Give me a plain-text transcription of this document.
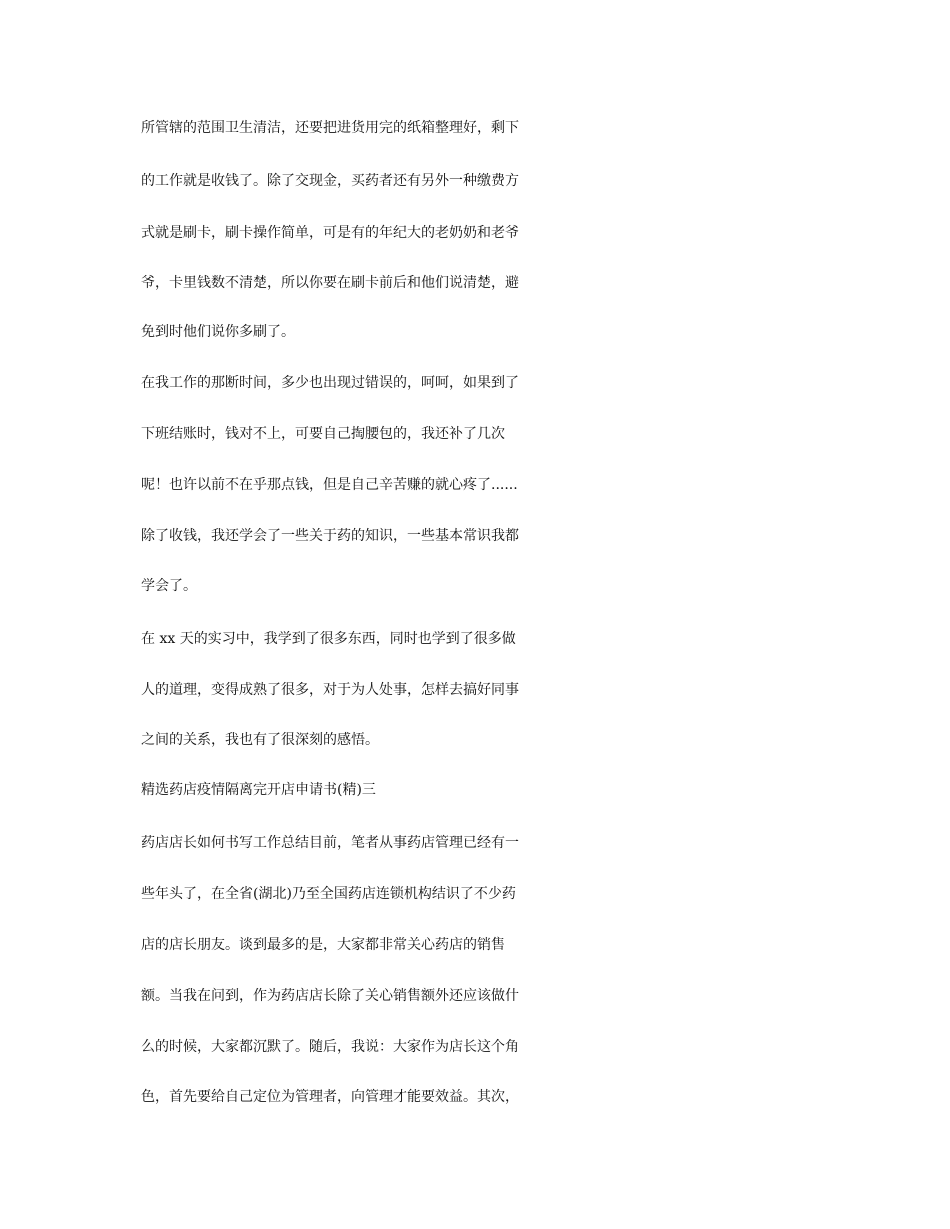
所管辖的范围卫生清洁，还要把进货用完的纸箱整理好，剩下
的工作就是收钱了。除了交现金，买药者还有另外一种缴费方
式就是刷卡，刷卡操作简单，可是有的年纪大的老奶奶和老爷
爷，卡里钱数不清楚，所以你要在刷卡前后和他们说清楚，避
免到时他们说你多刷了。
在我工作的那断时间，多少也出现过错误的，呵呵，如果到了
下班结账时，钱对不上，可要自己掏腰包的，我还补了几次
呢！也许以前不在乎那点钱，但是自己辛苦赚的就心疼了......
除了收钱，我还学会了一些关于药的知识，一些基本常识我都
学会了。
在 xx 天的实习中，我学到了很多东西，同时也学到了很多做
人的道理，变得成熟了很多，对于为人处事，怎样去搞好同事
之间的关系，我也有了很深刻的感悟。
精选药店疫情隔离完开店申请书(精)三
药店店长如何书写工作总结目前，笔者从事药店管理已经有一
些年头了，在全省(湖北)乃至全国药店连锁机构结识了不少药
店的店长朋友。谈到最多的是，大家都非常关心药店的销售
额。当我在问到，作为药店店长除了关心销售额外还应该做什
么的时候，大家都沉默了。随后，我说：大家作为店长这个角
色，首先要给自己定位为管理者，向管理才能要效益。其次，
